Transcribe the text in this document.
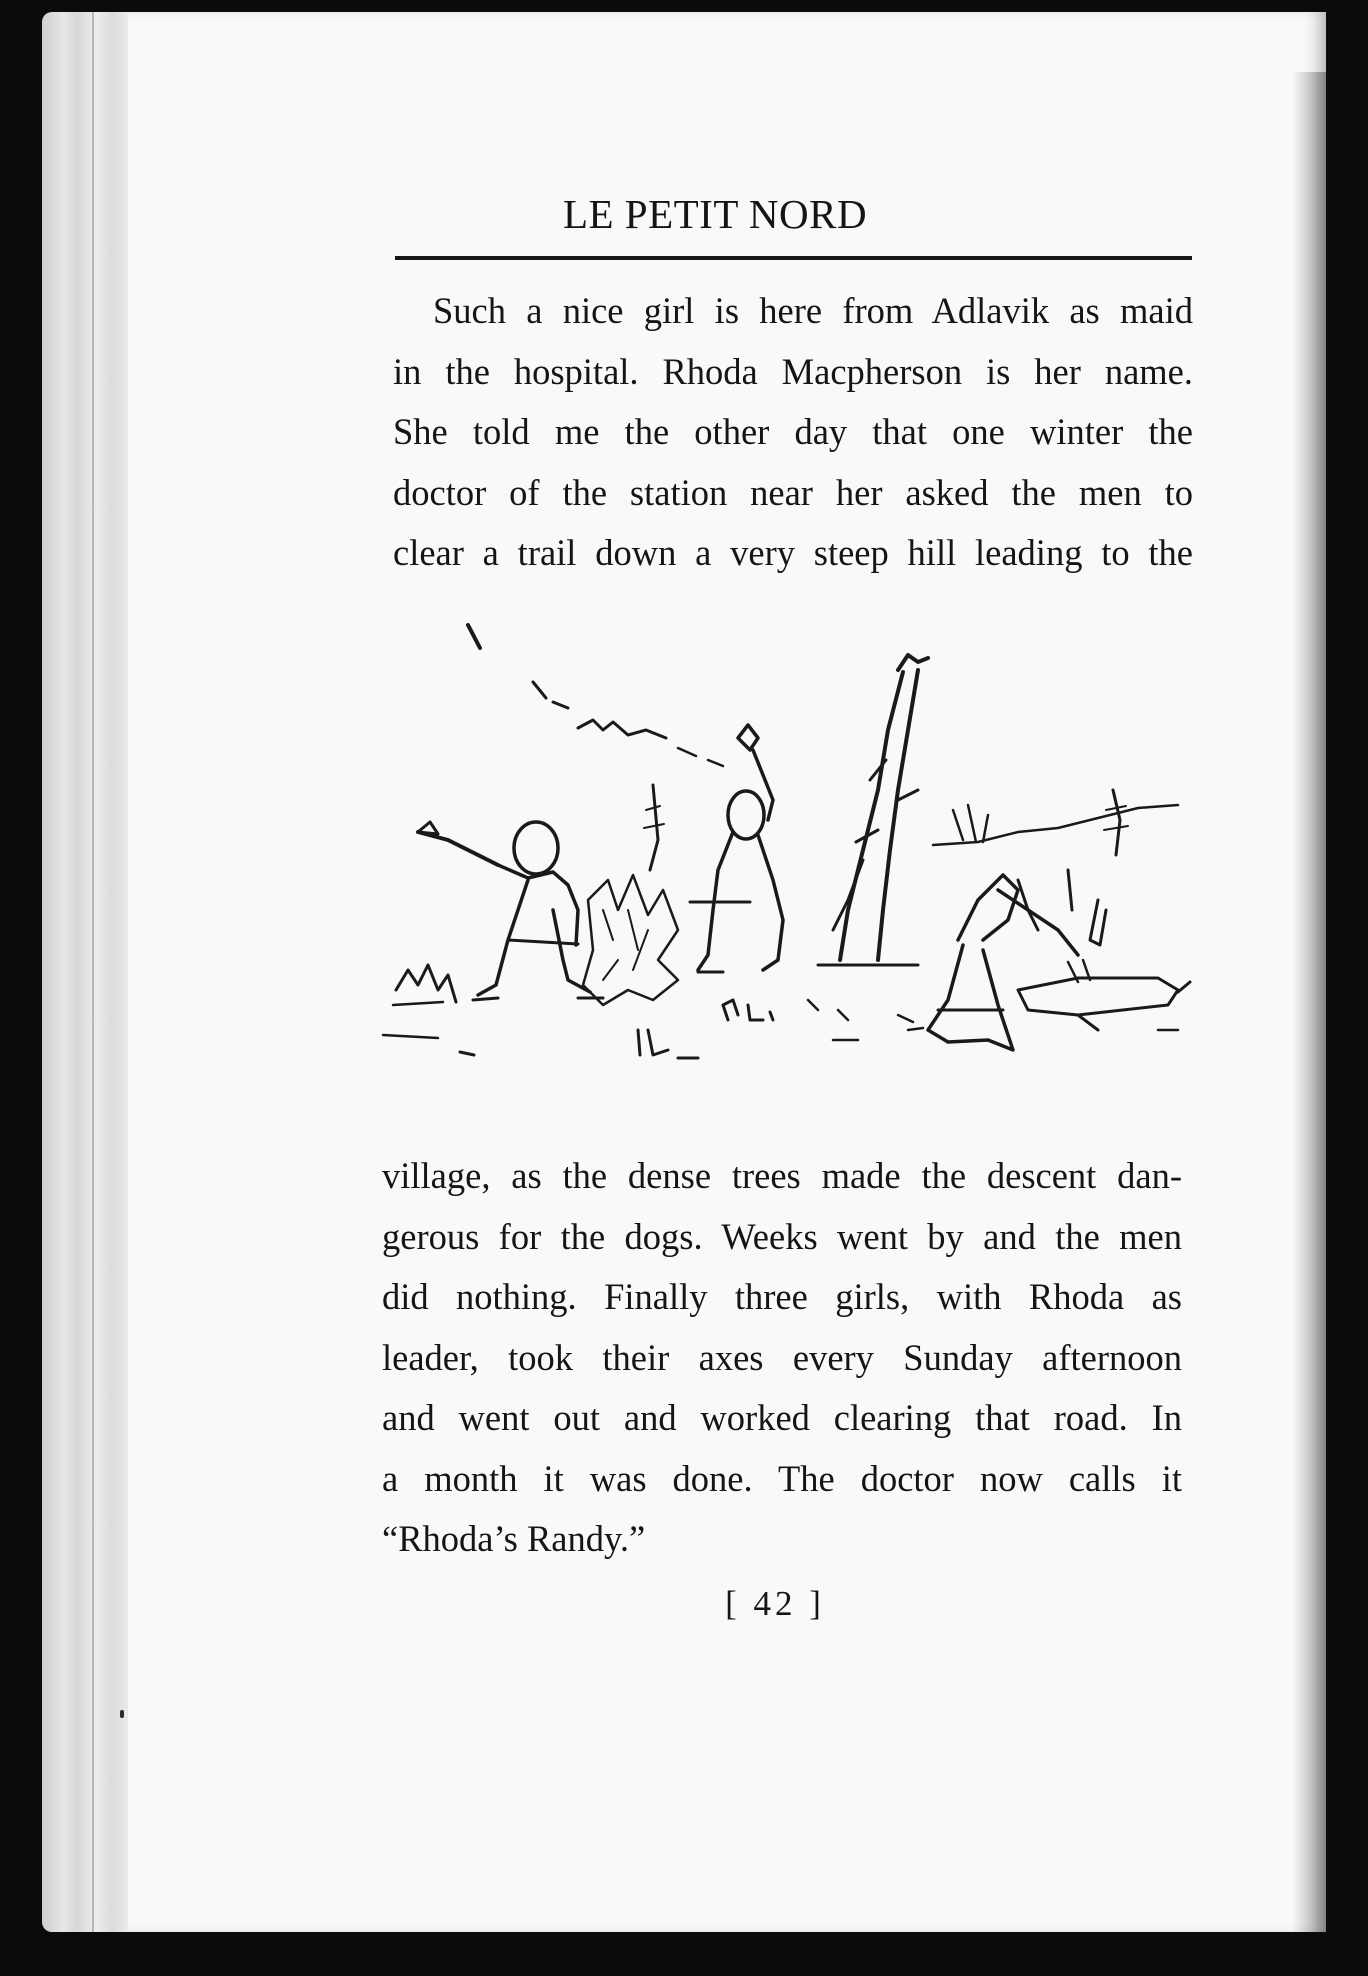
LE PETIT NORD
Such a nice girl is here from Adlavik as maid
in the hospital. Rhoda Macpherson is her name.
She told me the other day that one winter the
doctor of the station near her asked the men to
clear a trail down a very steep hill leading to the
village, as the dense trees made the descent dan-
gerous for the dogs. Weeks went by and the men
did nothing. Finally three girls, with Rhoda as
leader, took their axes every Sunday afternoon
and went out and worked clearing that road. In
a month it was done. The doctor now calls it
“Rhoda’s Randy.”
[ 42 ]
